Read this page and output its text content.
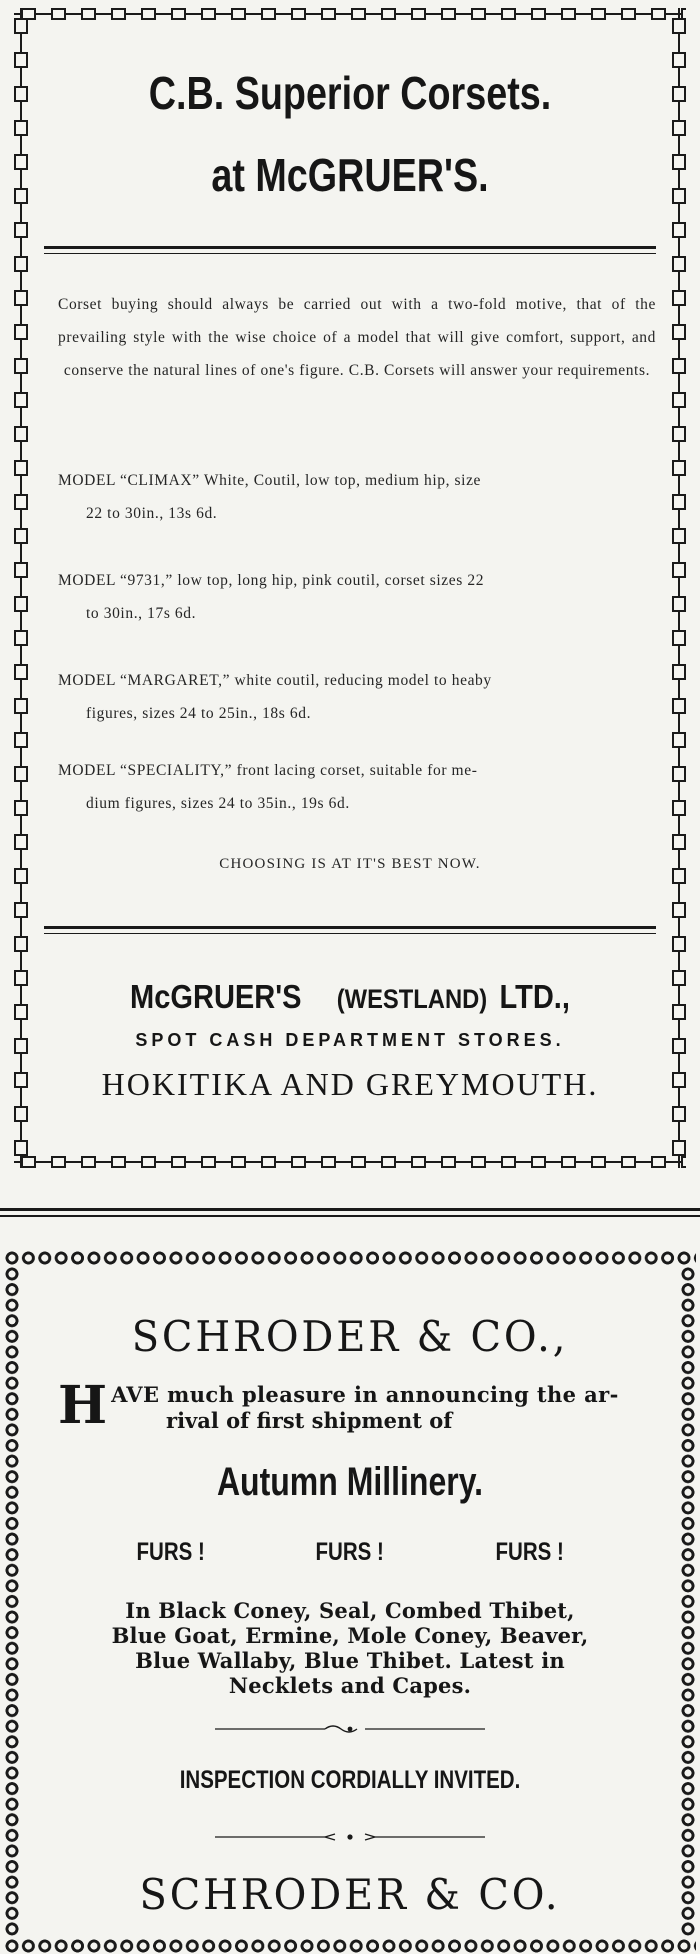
C.B. Superior Corsets.
at McGRUER'S.
Corset buying should always be carried out with a two-fold motive, that of the prevailing style with the wise choice of a model that will give comfort, support, and conserve the natural lines of one's figure. C.B. Corsets will answer your requirements.
MODEL “CLIMAX” White, Coutil, low top, medium hip, size
22 to 30in., 13s 6d.
MODEL “9731,” low top, long hip, pink coutil, corset sizes 22
to 30in., 17s 6d.
MODEL “MARGARET,” white coutil, reducing model to heaby
figures, sizes 24 to 25in., 18s 6d.
MODEL “SPECIALITY,” front lacing corset, suitable for me-
dium figures, sizes 24 to 35in., 19s 6d.
CHOOSING IS AT IT'S BEST NOW.
McGRUER'S (WESTLAND) LTD.,
SPOT CASH DEPARTMENT STORES.
HOKITIKA AND GREYMOUTH.
SCHRODER & CO.,
H AVE much pleasure in announcing the ar-
rival of first shipment of
Autumn Millinery.
FURS !	FURS !	FURS !
In Black Coney, Seal, Combed Thibet,
Blue Goat, Ermine, Mole Coney, Beaver,
Blue Wallaby, Blue Thibet. Latest in
Necklets and Capes.
INSPECTION CORDIALLY INVITED.
SCHRODER & CO.
